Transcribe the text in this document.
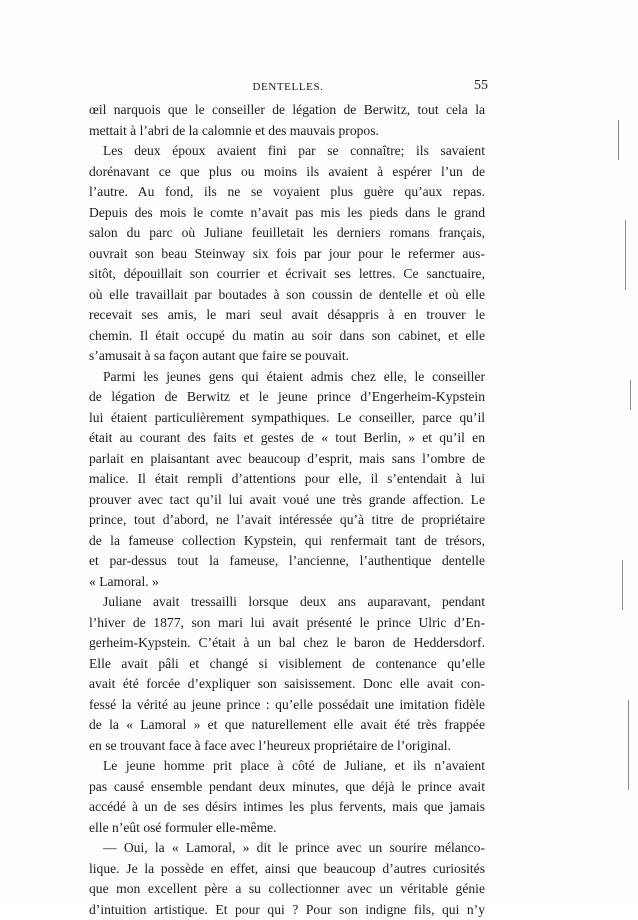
DENTELLES.	55
œil narquois que le conseiller de légation de Berwitz, tout cela la
mettait à l’abri de la calomnie et des mauvais propos.
Les deux époux avaient fini par se connaître; ils savaient
dorénavant ce que plus ou moins ils avaient à espérer l’un de
l’autre. Au fond, ils ne se voyaient plus guère qu’aux repas.
Depuis des mois le comte n’avait pas mis les pieds dans le grand
salon du parc où Juliane feuilletait les derniers romans français,
ouvrait son beau Steinway six fois par jour pour le refermer aus-
sitôt, dépouillait son courrier et écrivait ses lettres. Ce sanctuaire,
où elle travaillait par boutades à son coussin de dentelle et où elle
recevait ses amis, le mari seul avait désappris à en trouver le
chemin. Il était occupé du matin au soir dans son cabinet, et elle
s’amusait à sa façon autant que faire se pouvait.
Parmi les jeunes gens qui étaient admis chez elle, le conseiller
de légation de Berwitz et le jeune prince d’Engerheim-Kypstein
lui étaient particulièrement sympathiques. Le conseiller, parce qu’il
était au courant des faits et gestes de « tout Berlin, » et qu’il en
parlait en plaisantant avec beaucoup d’esprit, mais sans l’ombre de
malice. Il était rempli d’attentions pour elle, il s’entendait à lui
prouver avec tact qu’il lui avait voué une très grande affection. Le
prince, tout d’abord, ne l’avait intéressée qu’à titre de propriétaire
de la fameuse collection Kypstein, qui renfermait tant de trésors,
et par-dessus tout la fameuse, l’ancienne, l’authentique dentelle
« Lamoral. »
Juliane avait tressailli lorsque deux ans auparavant, pendant
l’hiver de 1877, son mari lui avait présenté le prince Ulric d’En-
gerheim-Kypstein. C’était à un bal chez le baron de Heddersdorf.
Elle avait pâli et changé si visiblement de contenance qu’elle
avait été forcée d’expliquer son saisissement. Donc elle avait con-
fessé la vérité au jeune prince : qu’elle possédait une imitation fidèle
de la « Lamoral » et que naturellement elle avait été très frappée
en se trouvant face à face avec l’heureux propriétaire de l’original.
Le jeune homme prit place à côté de Juliane, et ils n’avaient
pas causé ensemble pendant deux minutes, que déjà le prince avait
accédé à un de ses désirs intimes les plus fervents, mais que jamais
elle n’eût osé formuler elle-même.
— Oui, la « Lamoral, » dit le prince avec un sourire mélanco-
lique. Je la possède en effet, ainsi que beaucoup d’autres curiosités
que mon excellent père a su collectionner avec un véritable génie
d’intuition artistique. Et pour qui ? Pour son indigne fils, qui n’y
